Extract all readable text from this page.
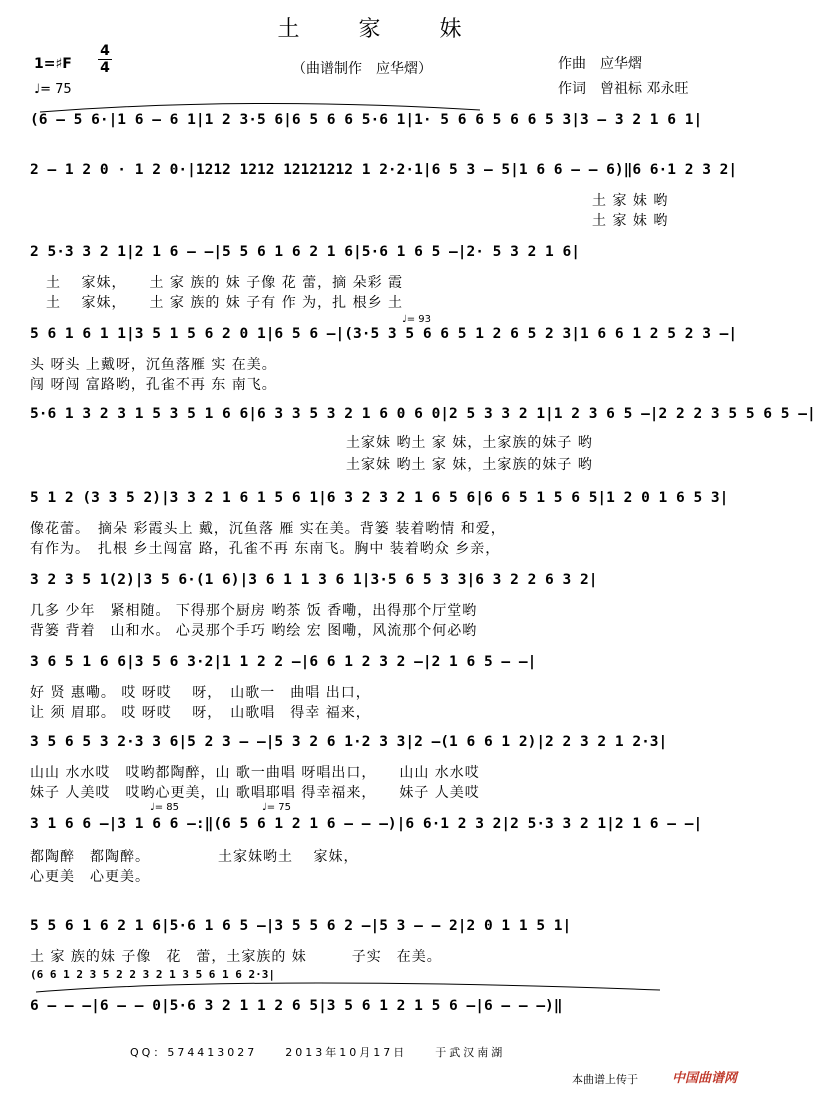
土 家 妹
1=♯F
4
4
♩= 75
（曲谱制作　应华熠）	作曲　应华熠
作词　曾祖标 邓永旺
(6 – 5 6·|1 6 – 6 1|1 2 3·5 6|6 5 6 6 5·6 1|1· 5 6 6 5 6 6 5 3|3 – 3 2 1 6 1|
2 – 1 2 0 · 1 2 0·|1212 1212 12121212 1 2·2·1|6 5 3 – 5|1 6 6 – – 6)‖6 6·1 2 3 2|
土 家 妹 哟
土 家 妹 哟
2 5·3 3 2 1|2 1 6 – –|5 5 6 1 6 2 1 6|5·6 1 6 5 –|2· 5 3 2 1 6|
土　 家妹，　　土 家 族的 妹 子像 花 蕾，摘 朵彩 霞
土　 家妹，　　土 家 族的 妹 子有 作 为，扎 根乡 土
♩= 93
5 6 1 6 1 1|3 5 1 5 6 2 0 1|6 5 6 –|(3·5 3 5 6 6 5 1 2 6 5 2 3|1 6 6 1 2 5 2 3 –|
头 呀头 上戴呀，沉鱼落雁 实 在美。
闯 呀闯 富路哟，孔雀不再 东 南飞。
5·6 1 3 2 3 1 5 3 5 1 6 6|6 3 3 5 3 2 1 6 0 6 0|2 5 3 3 2 1|1 2 3 6 5 –|2 2 2 3 5 5 6 5 –|
土家妹 哟土 家 妹，土家族的妹子 哟
土家妹 哟土 家 妹，土家族的妹子 哟
5 1 2 (3 3 5 2)|3 3 2 1 6 1 5 6 1|6 3 2 3 2 1 6 5 6|6 6 5 1 5 6 5|1 2 0 1 6 5 3|
像花蕾。　摘朵 彩霞头上 戴，沉鱼落 雁 实在美。背篓 装着哟情 和爱，
有作为。　扎根 乡土闯富 路，孔雀不再 东南飞。胸中 装着哟众 乡亲，
3 2 3 5 1(2)|3 5 6·(1 6)|3 6 1 1 3 6 1|3·5 6 5 3 3|6 3 2 2 6 3 2|
几多 少年　紧相随。 下得那个厨房 哟茶 饭 香嘞，出得那个厅堂哟
背篓 背着　山和水。 心灵那个手巧 哟绘 宏 图嘞，风流那个何必哟
3 6 5 1 6 6|3 5 6 3·2|1 1 2 2 –|6 6 1 2 3 2 –|2 1 6 5 – –|
好 贤 惠嘞。 哎 呀哎　 呀，　山歌一　曲唱 出口，
让 须 眉耶。 哎 呀哎　 呀，　山歌唱　得幸 福来，
3 5 6 5 3 2·3 3 6|5 2 3 – –|5 3 2 6 1·2 3 3|2 –(1 6 6 1 2)|2 2 3 2 1 2·3|
山山 水水哎　哎哟都陶醉，山 歌一曲唱 呀唱出口，　　山山 水水哎
妹子 人美哎　哎哟心更美，山 歌唱耶唱 得幸福来，　　妹子 人美哎
♩= 85	♩= 75
3 1 6 6 –|3 1 6 6 –:‖(6 5 6 1 2 1 6 – – –)|6 6·1 2 3 2|2 5·3 3 2 1|2 1 6 – –|
都陶醉　都陶醉。　　　　　土家妹哟土　 家妹，
心更美　心更美。
5 5 6 1 6 2 1 6|5·6 1 6 5 –|3 5 5 6 2 –|5 3 – – 2|2 0 1 1 5 1|
土 家 族的妹 子像　花　蕾，土家族的 妹　　　子实　在美。
(6 6 1 2 3 5 2 2 3 2 1 3 5 6 1 6 2·3|
6 – – –|6 – – 0|5·6 3 2 1 1 2 6 5|3 5 6 1 2 1 5 6 –|6 – – –)‖
QQ：574413027　　2013年10月17日　　于武汉南湖
本曲谱上传于	中国曲谱网
